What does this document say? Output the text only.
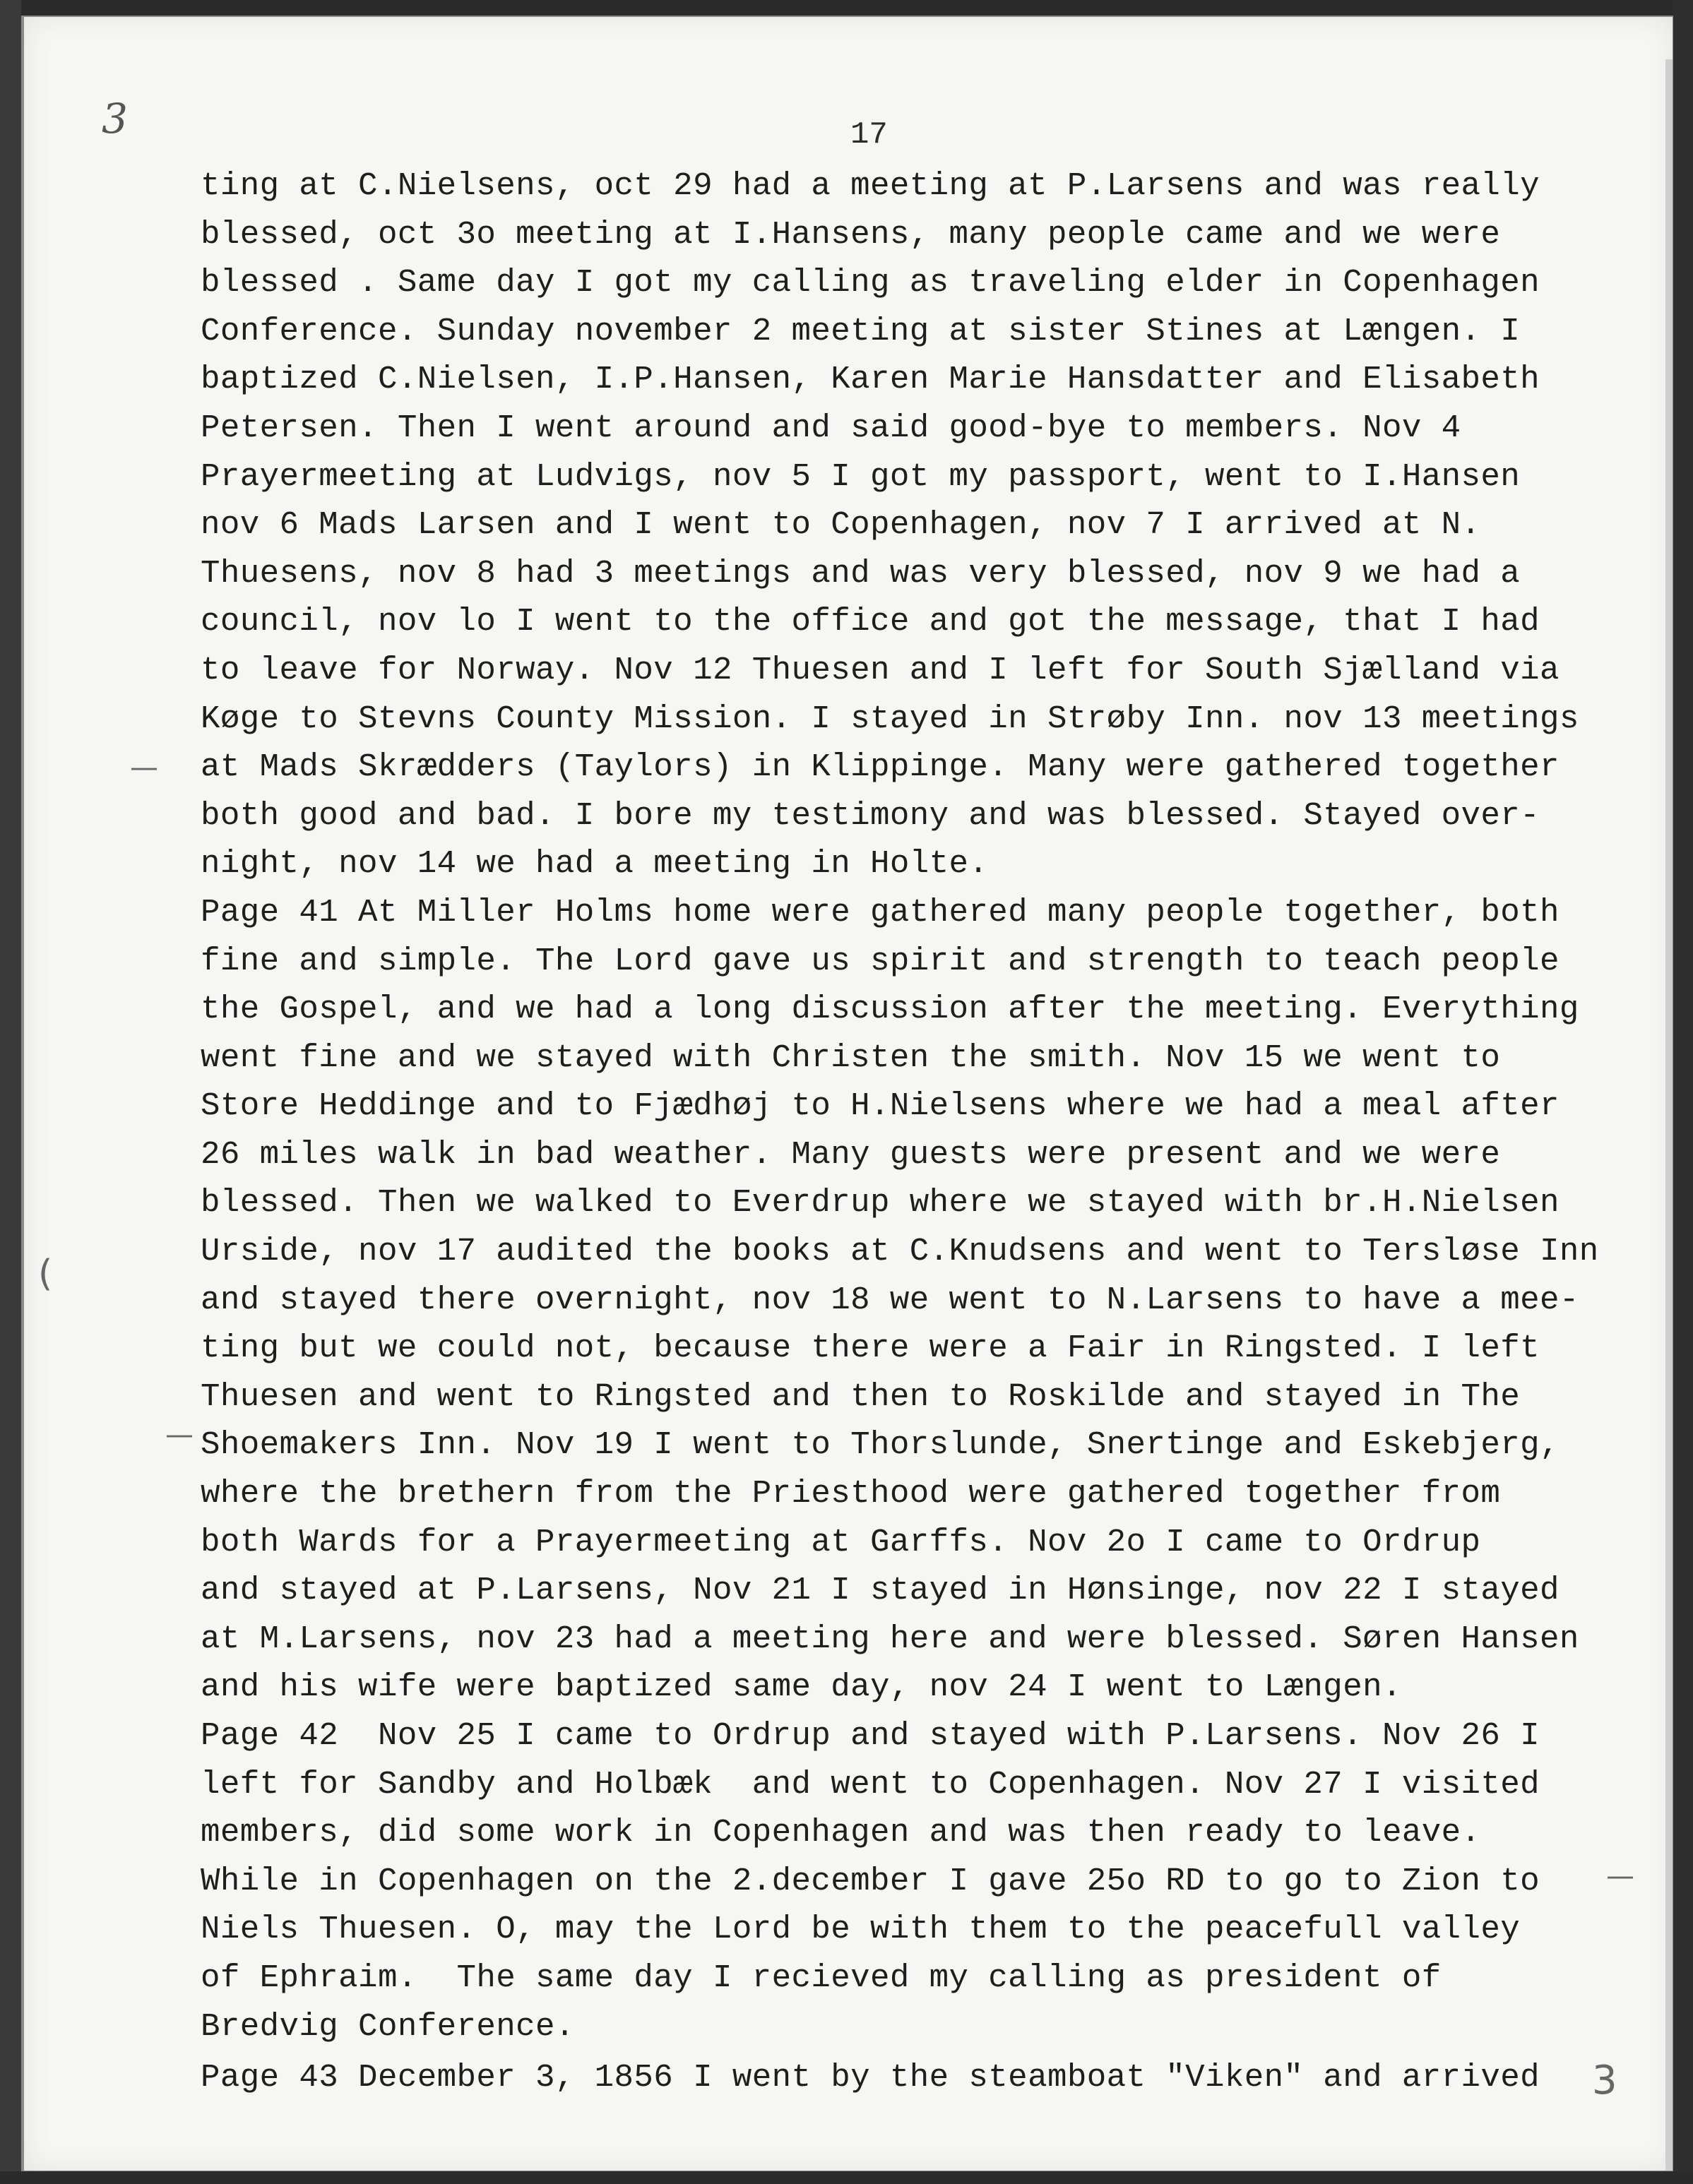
3	17
—
(
—
—
3
ting at C.Nielsens, oct 29 had a meeting at P.Larsens and was really
blessed, oct 3o meeting at I.Hansens, many people came and we were
blessed . Same day I got my calling as traveling elder in Copenhagen
Conference. Sunday november 2 meeting at sister Stines at Længen. I
baptized C.Nielsen, I.P.Hansen, Karen Marie Hansdatter and Elisabeth
Petersen. Then I went around and said good-bye to members. Nov 4
Prayermeeting at Ludvigs, nov 5 I got my passport, went to I.Hansen
nov 6 Mads Larsen and I went to Copenhagen, nov 7 I arrived at N.
Thuesens, nov 8 had 3 meetings and was very blessed, nov 9 we had a
council, nov lo I went to the office and got the message, that I had
to leave for Norway. Nov 12 Thuesen and I left for South Sjælland via
Køge to Stevns County Mission. I stayed in Strøby Inn. nov 13 meetings
at Mads Skrædders (Taylors) in Klippinge. Many were gathered together
both good and bad. I bore my testimony and was blessed. Stayed over-
night, nov 14 we had a meeting in Holte.
Page 41 At Miller Holms home were gathered many people together, both
fine and simple. The Lord gave us spirit and strength to teach people
the Gospel, and we had a long discussion after the meeting. Everything
went fine and we stayed with Christen the smith. Nov 15 we went to
Store Heddinge and to Fjædhøj to H.Nielsens where we had a meal after
26 miles walk in bad weather. Many guests were present and we were
blessed. Then we walked to Everdrup where we stayed with br.H.Nielsen
Urside, nov 17 audited the books at C.Knudsens and went to Tersløse Inn
and stayed there overnight, nov 18 we went to N.Larsens to have a mee-
ting but we could not, because there were a Fair in Ringsted. I left
Thuesen and went to Ringsted and then to Roskilde and stayed in The
Shoemakers Inn. Nov 19 I went to Thorslunde, Snertinge and Eskebjerg,
where the brethern from the Priesthood were gathered together from
both Wards for a Prayermeeting at Garffs. Nov 2o I came to Ordrup
and stayed at P.Larsens, Nov 21 I stayed in Hønsinge, nov 22 I stayed
at M.Larsens, nov 23 had a meeting here and were blessed. Søren Hansen
and his wife were baptized same day, nov 24 I went to Længen.
Page 42  Nov 25 I came to Ordrup and stayed with P.Larsens. Nov 26 I
left for Sandby and Holbæk  and went to Copenhagen. Nov 27 I visited
members, did some work in Copenhagen and was then ready to leave.
While in Copenhagen on the 2.december I gave 25o RD to go to Zion to
Niels Thuesen. O, may the Lord be with them to the peacefull valley
of Ephraim.  The same day I recieved my calling as president of
Bredvig Conference.
Page 43 December 3, 1856 I went by the steamboat "Viken" and arrived
